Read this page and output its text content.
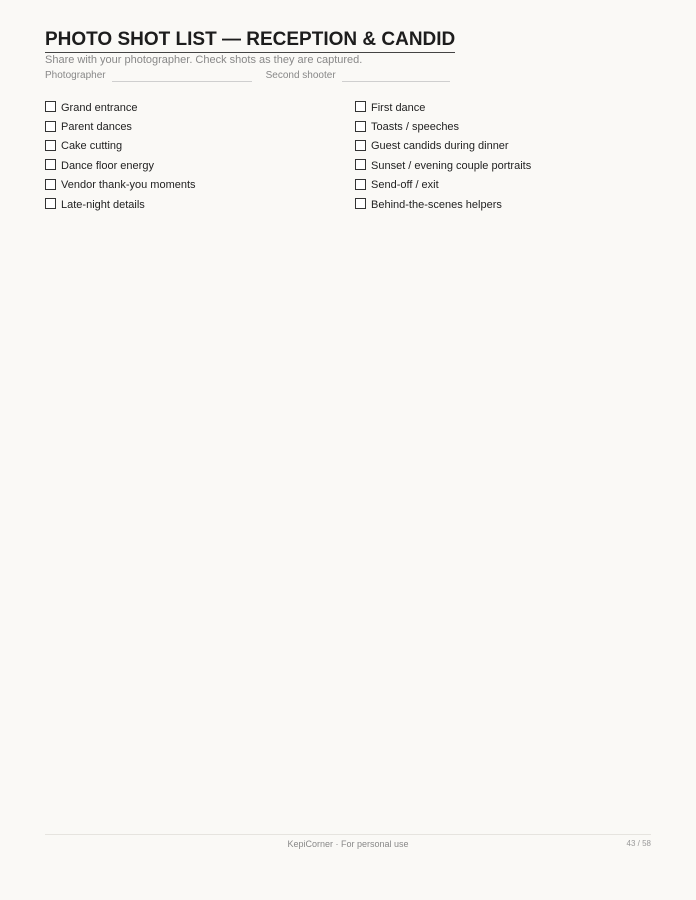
PHOTO SHOT LIST — RECEPTION & CANDID
Share with your photographer. Check shots as they are captured.
Photographer	Second shooter
Grand entrance
Parent dances
Cake cutting
Dance floor energy
Vendor thank-you moments
Late-night details
First dance
Toasts / speeches
Guest candids during dinner
Sunset / evening couple portraits
Send-off / exit
Behind-the-scenes helpers
KepiCorner · For personal use	43 / 58
